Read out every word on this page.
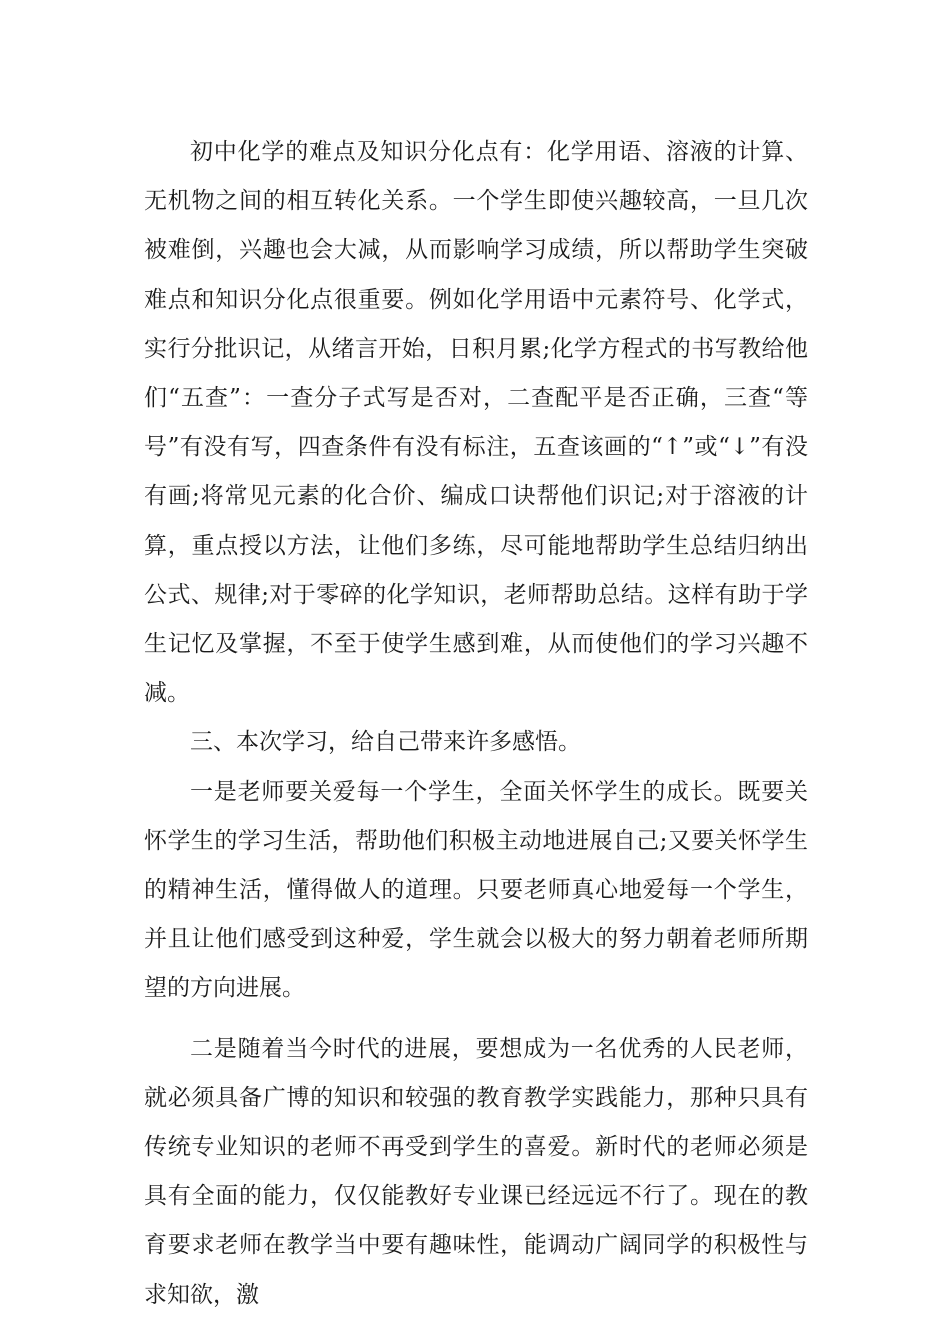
初中化学的难点及知识分化点有：化学用语、溶液的计算、无机物之间的相互转化关系。一个学生即使兴趣较高，一旦几次被难倒，兴趣也会大减，从而影响学习成绩，所以帮助学生突破难点和知识分化点很重要。例如化学用语中元素符号、化学式，实行分批识记，从绪言开始，日积月累;化学方程式的书写教给他们“五查”：一查分子式写是否对，二查配平是否正确，三查“等号”有没有写，四查条件有没有标注，五查该画的“↑”或“↓”有没有画;将常见元素的化合价、编成口诀帮他们识记;对于溶液的计算，重点授以方法，让他们多练，尽可能地帮助学生总结归纳出公式、规律;对于零碎的化学知识，老师帮助总结。这样有助于学生记忆及掌握，不至于使学生感到难，从而使他们的学习兴趣不减。

三、本次学习，给自己带来许多感悟。

一是老师要关爱每一个学生，全面关怀学生的成长。既要关怀学生的学习生活，帮助他们积极主动地进展自己;又要关怀学生的精神生活，懂得做人的道理。只要老师真心地爱每一个学生，并且让他们感受到这种爱，学生就会以极大的努力朝着老师所期望的方向进展。

二是随着当今时代的进展，要想成为一名优秀的人民老师，就必须具备广博的知识和较强的教育教学实践能力，那种只具有传统专业知识的老师不再受到学生的喜爱。新时代的老师必须是具有全面的能力，仅仅能教好专业课已经远远不行了。现在的教育要求老师在教学当中要有趣味性，能调动广阔同学的积极性与求知欲，激
